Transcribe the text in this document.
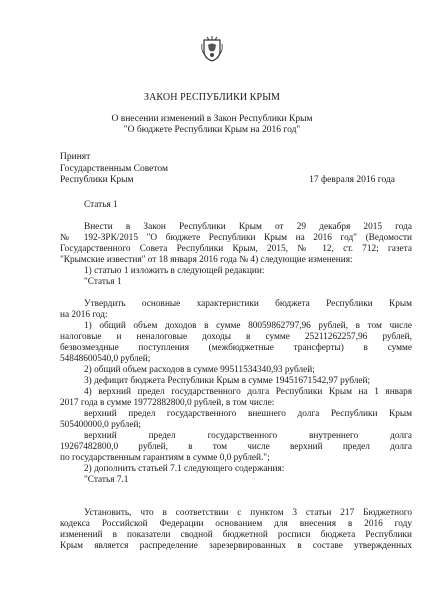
ЗАКОН РЕСПУБЛИКИ КРЫМ
О внесении изменений в Закон Республики Крым
"О бюджете Республики Крым на 2016 год"
Принят
Государственным Советом
Республики Крым	17 февраля 2016 года
Статья 1
Внести в Закон Республики Крым от 29 декабря 2015 года
№ 192-ЗРК/2015 "О бюджете Республики Крым на 2016 год" (Ведомости
Государственного Совета Республики Крым, 2015, № 12, ст. 712; газета
"Крымские известия" от 18 января 2016 года № 4) следующие изменения:
1) статью 1 изложить в следующей редакции:
"Статья 1
Утвердить основные характеристики бюджета Республики Крым
на 2016 год:
1) общий объем доходов в сумме 80059862797,96 рублей, в том числе
налоговые и неналоговые доходы в сумме 25211262257,96 рублей,
безвозмездные поступления (межбюджетные трансферты) в сумме
54848600540,0 рублей;
2) общий объем расходов в сумме 99511534340,93 рублей;
3) дефицит бюджета Республики Крым в сумме 19451671542,97 рублей;
4) верхний предел государственного долга Республики Крым на 1 января
2017 года в сумме 19772882800,0 рублей, в том числе:
верхний предел государственного внешнего долга Республики Крым
505400000,0 рублей;
верхний предел государственного внутреннего долга
19267482800,0 рублей, в том числе верхний предел долга
по государственным гарантиям в сумме 0,0 рублей.";
2) дополнить статьей 7.1 следующего содержания:
"Статья 7.1
Установить, что в соответствии с пунктом 3 статьи 217 Бюджетного
кодекса Российской Федерации основанием для внесения в 2016 году
изменений в показатели сводной бюджетной росписи бюджета Республики
Крым является распределение зарезервированных в составе утвержденных
